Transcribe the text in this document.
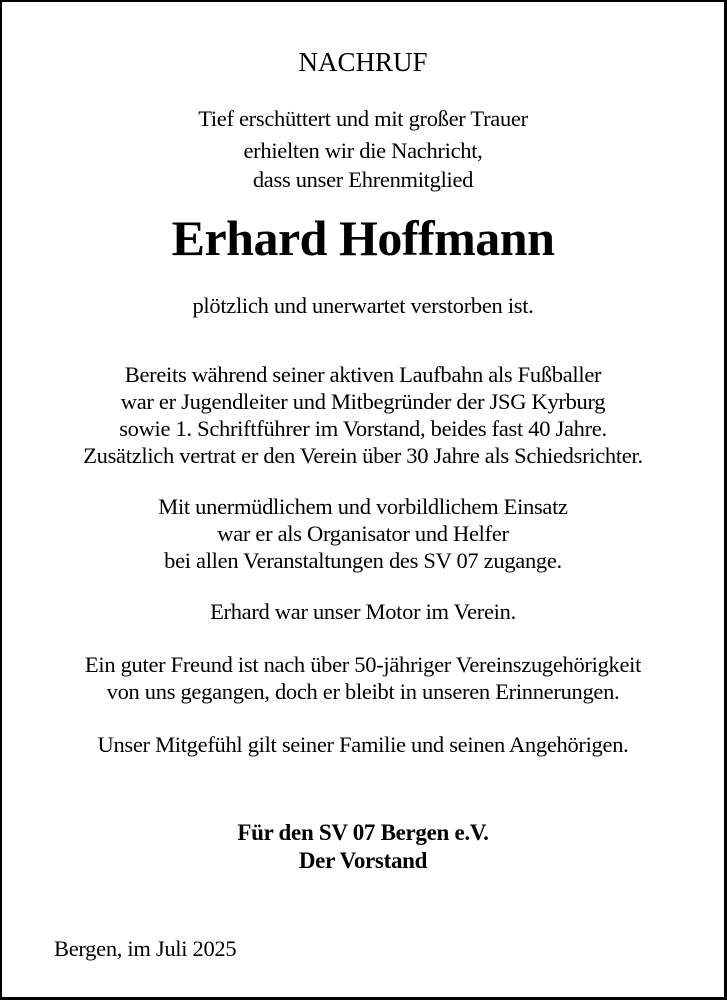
NACHRUF
Tief erschüttert und mit großer Trauer
erhielten wir die Nachricht,
dass unser Ehrenmitglied
Erhard Hoffmann
plötzlich und unerwartet verstorben ist.
Bereits während seiner aktiven Laufbahn als Fußballer
war er Jugendleiter und Mitbegründer der JSG Kyrburg
sowie 1. Schriftführer im Vorstand, beides fast 40 Jahre.
Zusätzlich vertrat er den Verein über 30 Jahre als Schiedsrichter.
Mit unermüdlichem und vorbildlichem Einsatz
war er als Organisator und Helfer
bei allen Veranstaltungen des SV 07 zugange.
Erhard war unser Motor im Verein.
Ein guter Freund ist nach über 50-jähriger Vereinszugehörigkeit
von uns gegangen, doch er bleibt in unseren Erinnerungen.
Unser Mitgefühl gilt seiner Familie und seinen Angehörigen.
Für den SV 07 Bergen e.V.
Der Vorstand
Bergen, im Juli 2025
